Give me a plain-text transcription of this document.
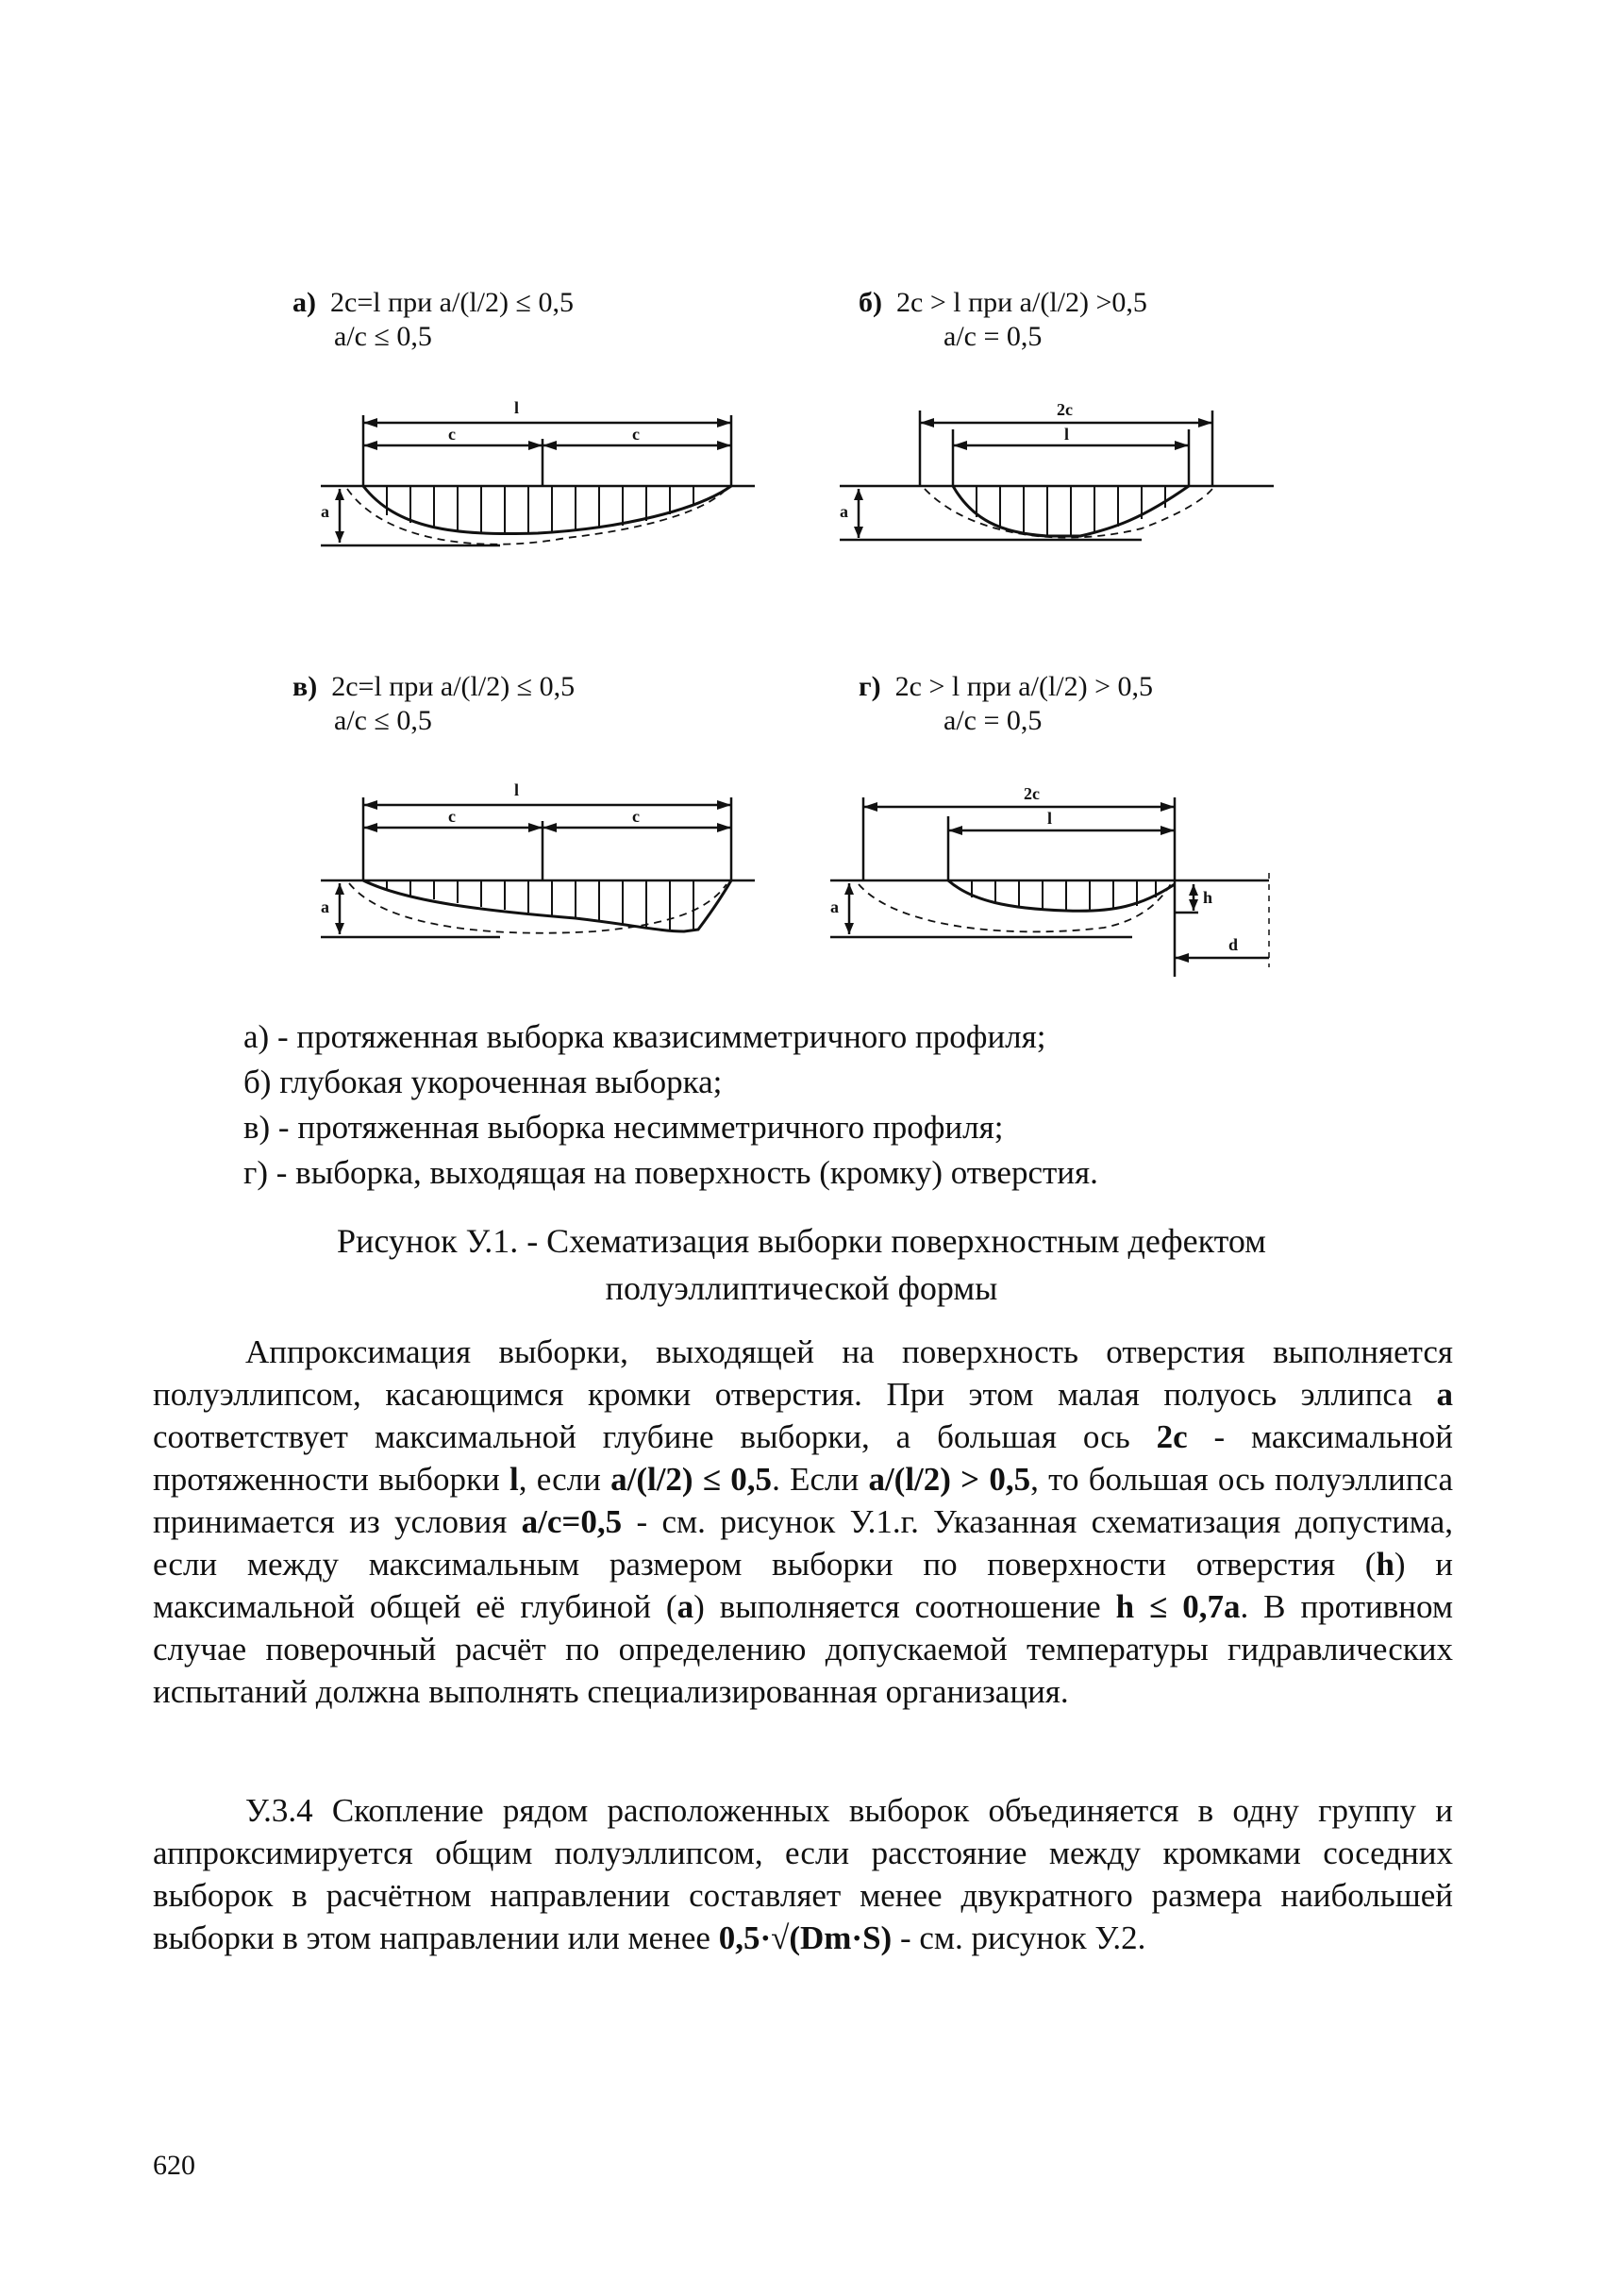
а) 2c=l при a/(l/2) ≤ 0,5
a/c ≤ 0,5
б) 2c > l при a/(l/2) >0,5
a/c = 0,5
в) 2c=l при a/(l/2) ≤ 0,5
a/c ≤ 0,5
г) 2c > l при a/(l/2) > 0,5
a/c = 0,5
l
c	c
a
2c
l
a
l
c	c
a
2c
l
a	h
d
а) - протяженная выборка квазисимметричного профиля;
б) глубокая укороченная выборка;
в) - протяженная выборка несимметричного профиля;
г) - выборка, выходящая на поверхность (кромку) отверстия.
Рисунок У.1. - Схематизация выборки поверхностным дефектом
полуэллиптической формы

Аппроксимация выборки, выходящей на поверхность отверстия выполняется полуэллипсом, касающимся кромки отверстия. При этом малая полуось эллипса a соответствует максимальной глубине выборки, а большая ось 2c - максимальной протяженности выборки l, если a/(l/2) ≤ 0,5. Если a/(l/2) > 0,5, то большая ось полуэллипса принимается из условия a/c=0,5 - см. рисунок У.1.г. Указанная схематизация допустима, если между максимальным размером выборки по поверхности отверстия (h) и максимальной общей её глубиной (a) выполняется соотношение h ≤ 0,7a. В противном случае поверочный расчёт по определению допускаемой температуры гидравлических испытаний должна выполнять специализированная организация.

У.3.4 Скопление рядом расположенных выборок объединяется в одну группу и аппроксимируется общим полуэллипсом, если расстояние между кромками соседних выборок в расчётном направлении составляет менее двукратного размера наибольшей выборки в этом направлении или менее 0,5·√(Dm·S) - см. рисунок У.2.

620
